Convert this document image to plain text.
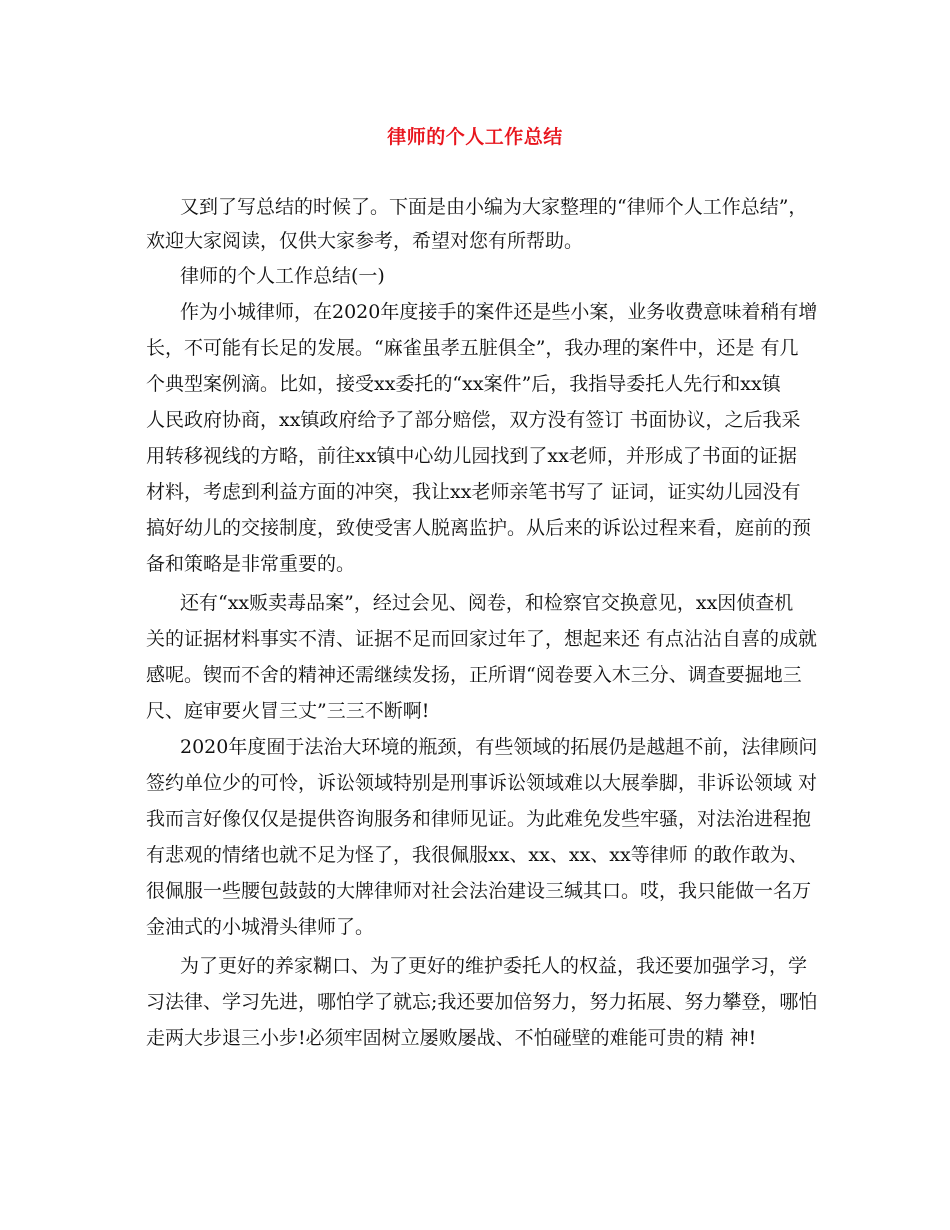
律师的个人工作总结
又到了写总结的时候了。下面是由小编为大家整理的“律师个人工作总结”，
欢迎大家阅读，仅供大家参考，希望对您有所帮助。
律师的个人工作总结(一)
作为小城律师，在2020年度接手的案件还是些小案，业务收费意味着稍有增
长，不可能有长足的发展。“麻雀虽孝五脏俱全”，我办理的案件中，还是 有几
个典型案例滴。比如，接受xx委托的“xx案件”后，我指导委托人先行和xx镇
人民政府协商，xx镇政府给予了部分赔偿，双方没有签订 书面协议，之后我采
用转移视线的方略，前往xx镇中心幼儿园找到了xx老师，并形成了书面的证据
材料，考虑到利益方面的冲突，我让xx老师亲笔书写了 证词，证实幼儿园没有
搞好幼儿的交接制度，致使受害人脱离监护。从后来的诉讼过程来看，庭前的预
备和策略是非常重要的。
还有“xx贩卖毒品案”，经过会见、阅卷，和检察官交换意见，xx因侦查机
关的证据材料事实不清、证据不足而回家过年了，想起来还 有点沾沾自喜的成就
感呢。锲而不舍的精神还需继续发扬，正所谓“阅卷要入木三分、调查要掘地三
尺、庭审要火冒三丈”三三不断啊!
2020年度囿于法治大环境的瓶颈，有些领域的拓展仍是越趄不前，法律顾问
签约单位少的可怜，诉讼领域特别是刑事诉讼领域难以大展拳脚，非诉讼领域 对
我而言好像仅仅是提供咨询服务和律师见证。为此难免发些牢骚，对法治进程抱
有悲观的情绪也就不足为怪了，我很佩服xx、xx、xx、xx等律师 的敢作敢为、
很佩服一些腰包鼓鼓的大牌律师对社会法治建设三缄其口。哎，我只能做一名万
金油式的小城滑头律师了。
为了更好的养家糊口、为了更好的维护委托人的权益，我还要加强学习，学
习法律、学习先进，哪怕学了就忘;我还要加倍努力，努力拓展、努力攀登，哪怕
走两大步退三小步!必须牢固树立屡败屡战、不怕碰壁的难能可贵的精 神!
